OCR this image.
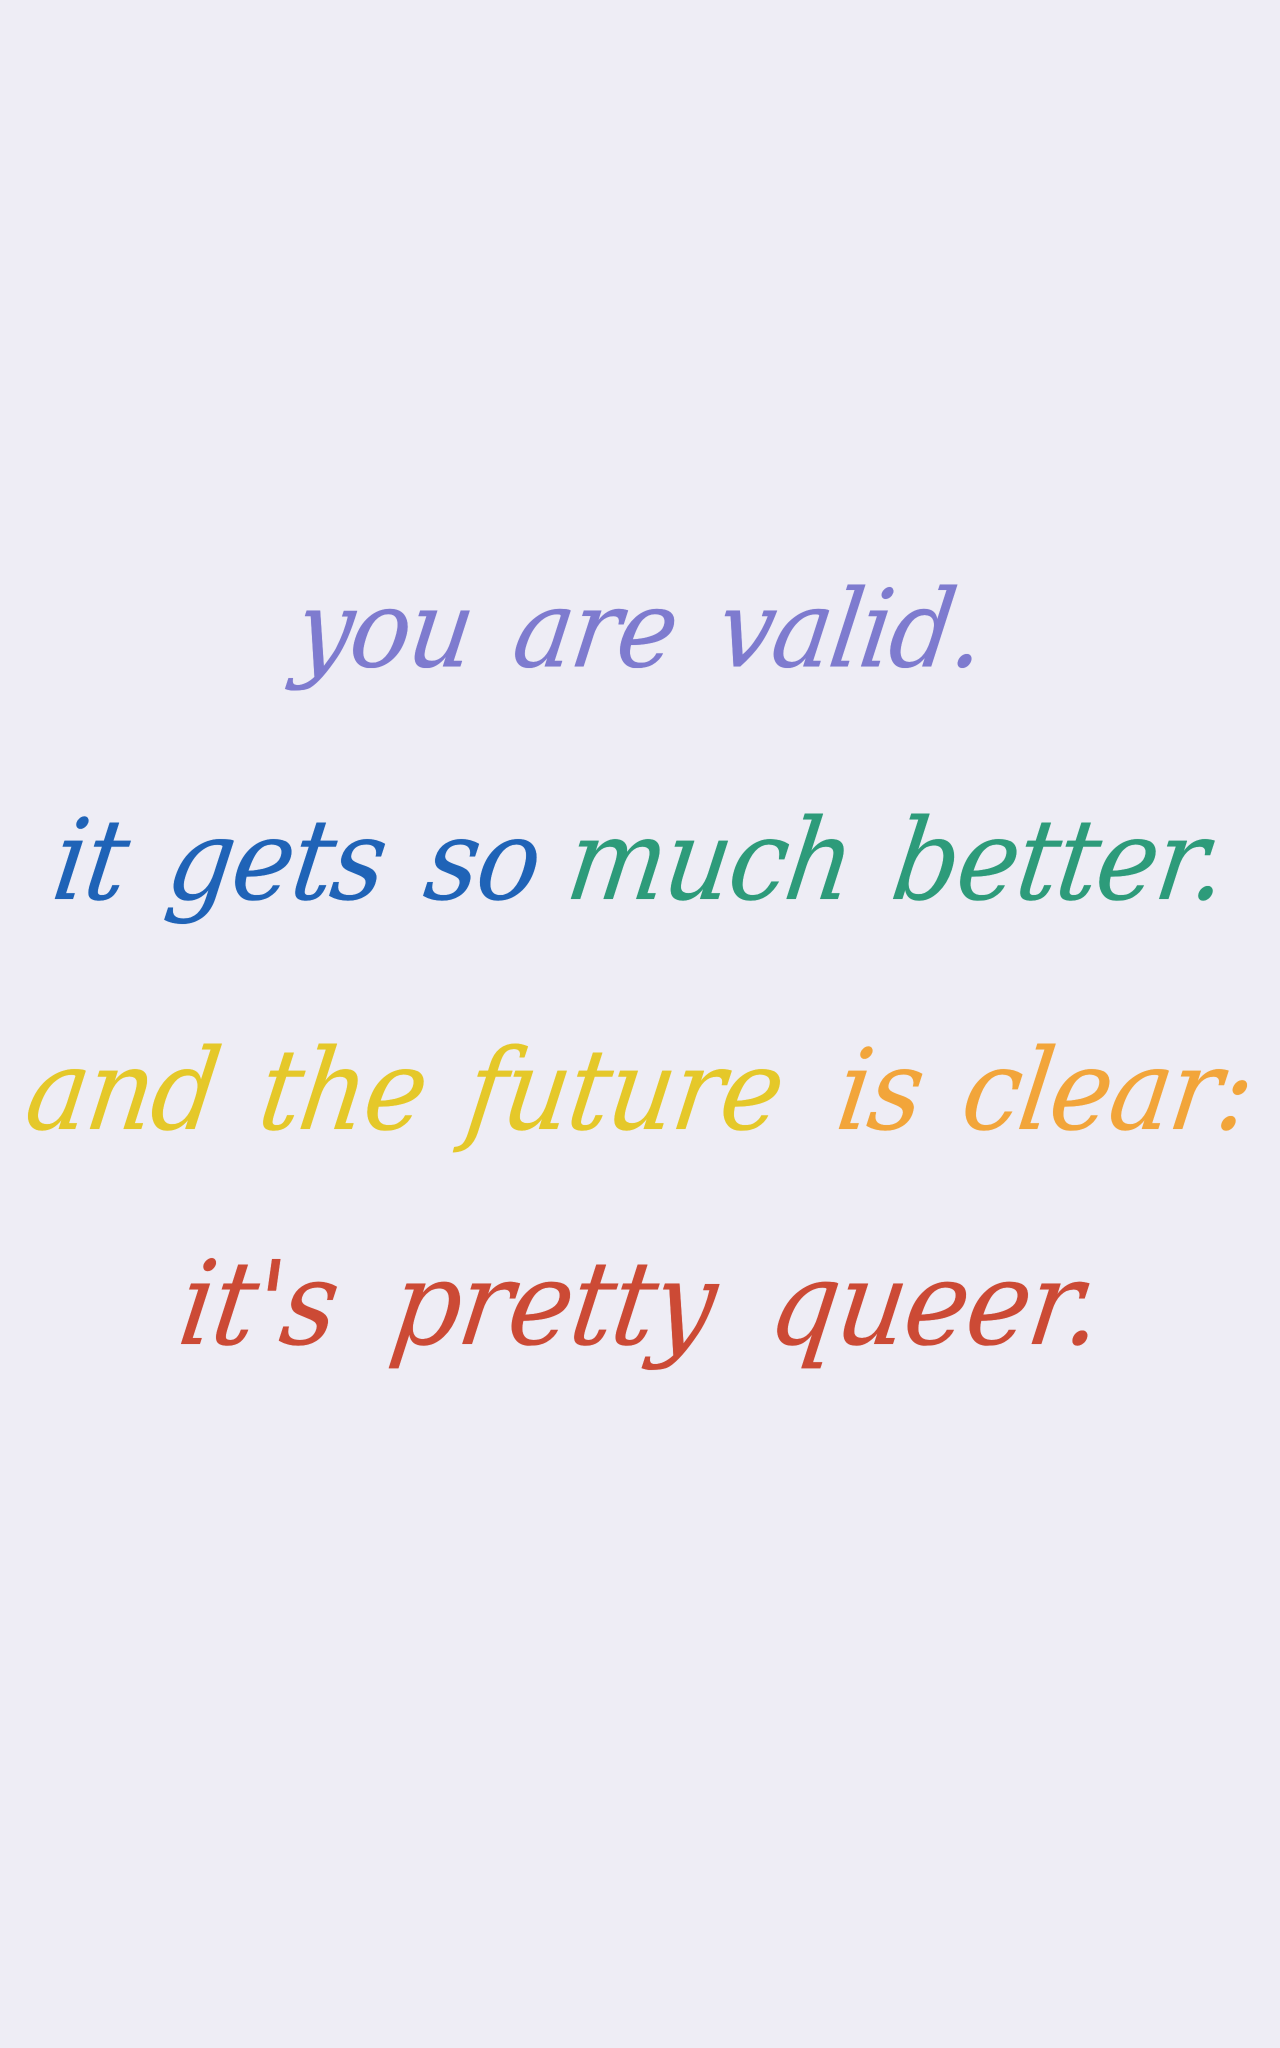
you are valid.
it gets so much better.
and the future is clear:
it's pretty queer.
